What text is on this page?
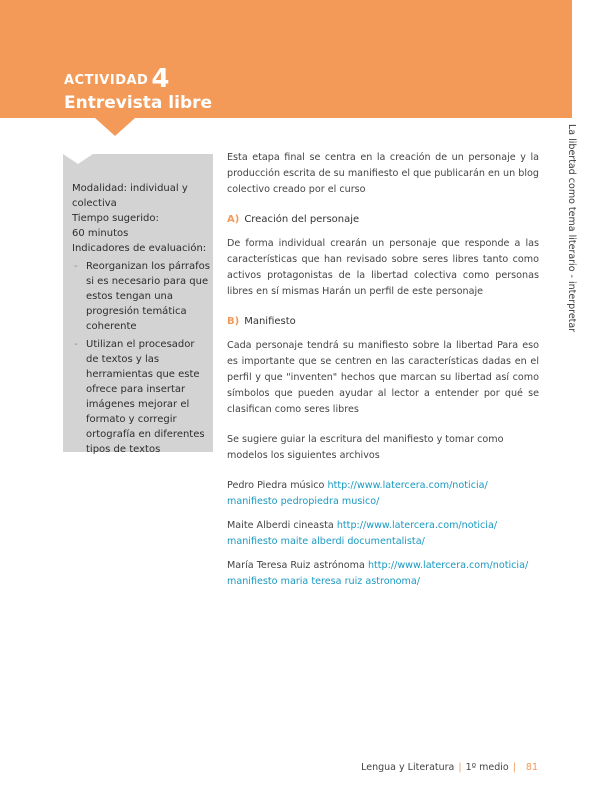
ACTIVIDAD 4
Entrevista libre	Experiencias de aprendizaje
La libertad como tema literario - interpretar

Modalidad: individual y colectiva

Tiempo sugerido:

60 minutos

Indicadores de evaluación:

- Reorganizan los párrafos si es necesario para que estos tengan una progresión temática coherente
- Utilizan el procesador de textos y las herramientas que este ofrece para insertar imágenes mejorar el formato y corregir ortografía en diferentes tipos de textos

Esta etapa final se centra en la creación de un personaje y la producción escrita de su manifiesto el que publicarán en un blog colectivo creado por el curso

A) Creación del personaje

De forma individual crearán un personaje que responde a las características que han revisado sobre seres libres tanto como activos protagonistas de la libertad colectiva como personas libres en sí mismas Harán un perfil de este personaje

B) Manifiesto

Cada personaje tendrá su manifiesto sobre la libertad Para eso es importante que se centren en las características dadas en el perfil y que "inventen" hechos que marcan su libertad así como símbolos que pueden ayudar al lector a entender por qué se clasifican como seres libres

Se sugiere guiar la escritura del manifiesto y tomar como modelos los siguientes archivos

Pedro Piedra músico http://www.latercera.com/noticia/
manifiesto pedropiedra musico/

Maite Alberdi cineasta http://www.latercera.com/noticia/
manifiesto maite alberdi documentalista/

María Teresa Ruiz astrónoma http://www.latercera.com/noticia/
manifiesto maria teresa ruiz astronoma/

Lengua y Literatura | 1º medio | 81
